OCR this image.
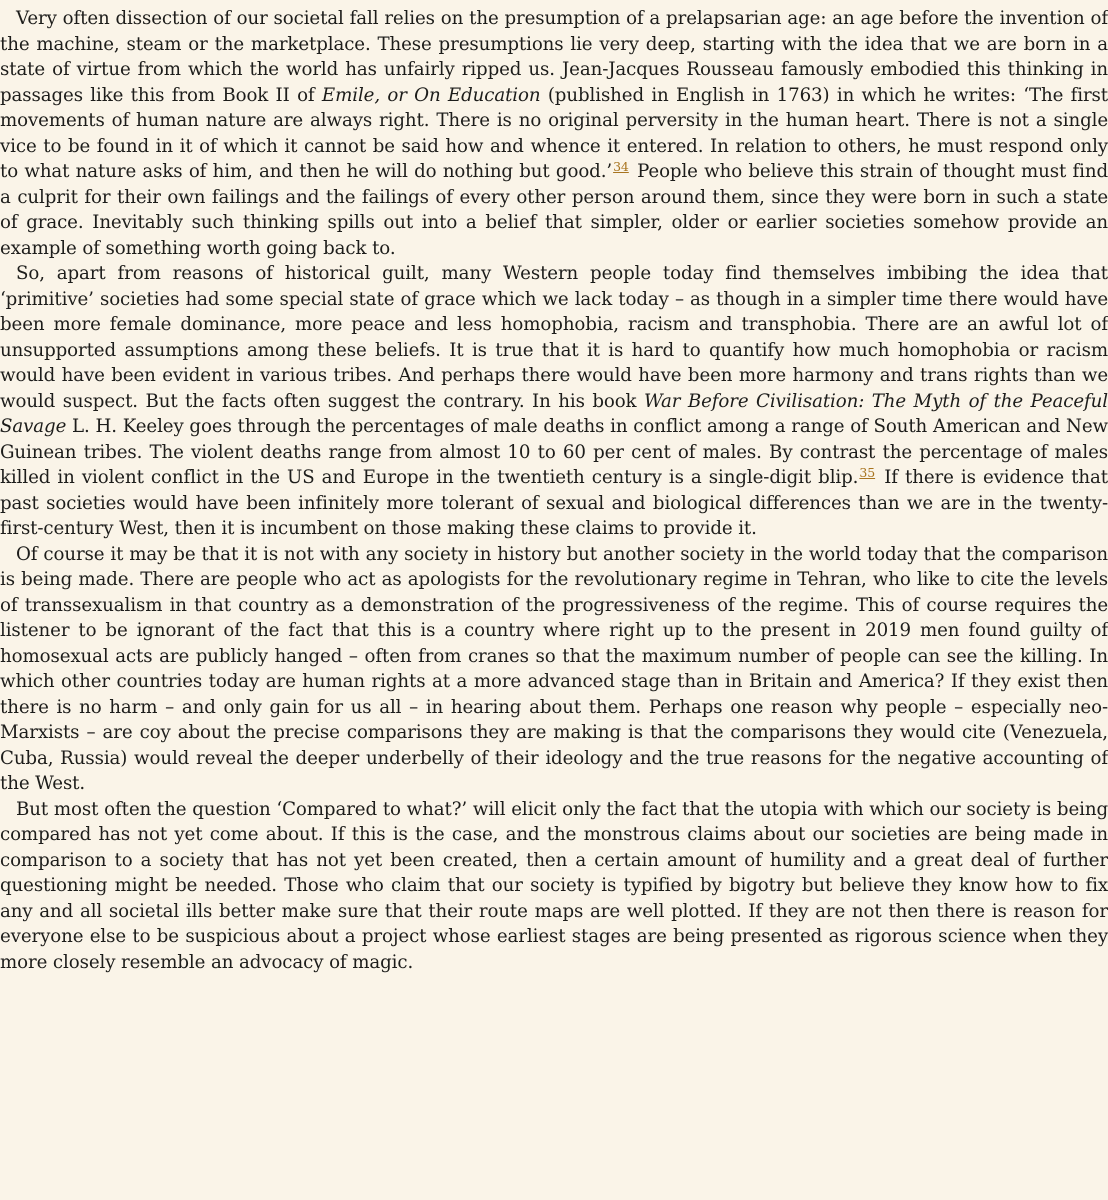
Very often dissection of our societal fall relies on the presumption of a prelapsarian age: an age before the invention of the machine, steam or the marketplace. These presumptions lie very deep, starting with the idea that we are born in a state of virtue from which the world has unfairly ripped us. Jean-Jacques Rousseau famously embodied this thinking in passages like this from Book II of Emile, or On Education (published in English in 1763) in which he writes: ‘The first movements of human nature are always right. There is no original perversity in the human heart. There is not a single vice to be found in it of which it cannot be said how and whence it entered. In relation to others, he must respond only to what nature asks of him, and then he will do nothing but good.’$^{34}$ People who believe this strain of thought must find a culprit for their own failings and the failings of every other person around them, since they were born in such a state of grace. Inevitably such thinking spills out into a belief that simpler, older or earlier societies somehow provide an example of something worth going back to.

So, apart from reasons of historical guilt, many Western people today find themselves imbibing the idea that ‘primitive’ societies had some special state of grace which we lack today – as though in a simpler time there would have been more female dominance, more peace and less homophobia, racism and transphobia. There are an awful lot of unsupported assumptions among these beliefs. It is true that it is hard to quantify how much homophobia or racism would have been evident in various tribes. And perhaps there would have been more harmony and trans rights than we would suspect. But the facts often suggest the contrary. In his book War Before Civilisation: The Myth of the Peaceful Savage L. H. Keeley goes through the percentages of male deaths in conflict among a range of South American and New Guinean tribes. The violent deaths range from almost 10 to 60 per cent of males. By contrast the percentage of males killed in violent conflict in the US and Europe in the twentieth century is a single-digit blip.$^{35}$ If there is evidence that past societies would have been infinitely more tolerant of sexual and biological differences than we are in the twenty-first-century West, then it is incumbent on those making these claims to provide it.

Of course it may be that it is not with any society in history but another society in the world today that the comparison is being made. There are people who act as apologists for the revolutionary regime in Tehran, who like to cite the levels of transsexualism in that country as a demonstration of the progressiveness of the regime. This of course requires the listener to be ignorant of the fact that this is a country where right up to the present in 2019 men found guilty of homosexual acts are publicly hanged – often from cranes so that the maximum number of people can see the killing. In which other countries today are human rights at a more advanced stage than in Britain and America? If they exist then there is no harm – and only gain for us all – in hearing about them. Perhaps one reason why people – especially neo-Marxists – are coy about the precise comparisons they are making is that the comparisons they would cite (Venezuela, Cuba, Russia) would reveal the deeper underbelly of their ideology and the true reasons for the negative accounting of the West.

But most often the question ‘Compared to what?’ will elicit only the fact that the utopia with which our society is being compared has not yet come about. If this is the case, and the monstrous claims about our societies are being made in comparison to a society that has not yet been created, then a certain amount of humility and a great deal of further questioning might be needed. Those who claim that our society is typified by bigotry but believe they know how to fix any and all societal ills better make sure that their route maps are well plotted. If they are not then there is reason for everyone else to be suspicious about a project whose earliest stages are being presented as rigorous science when they more closely resemble an advocacy of magic.
